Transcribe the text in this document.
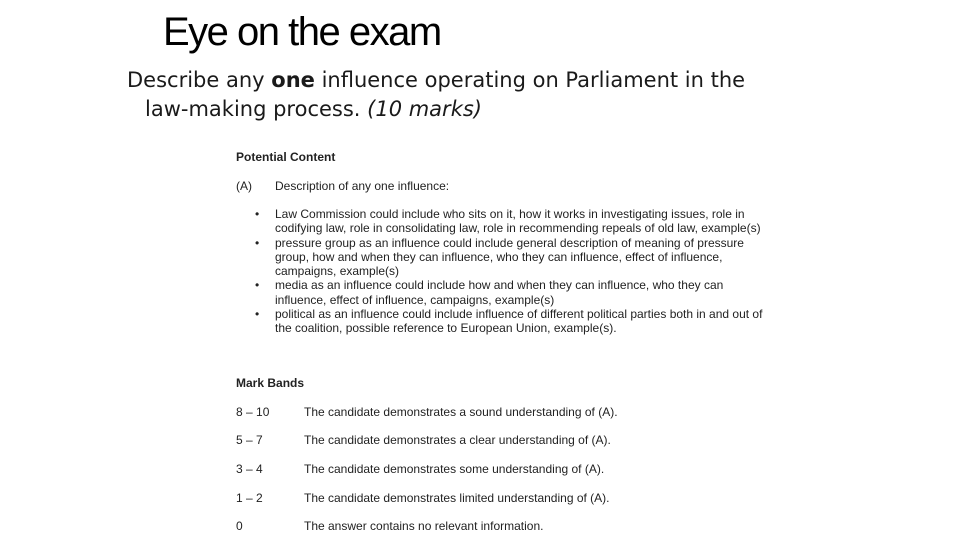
Eye on the exam
Describe any one influence operating on Parliament in the
law-making process. (10 marks)
Potential Content
(A) Description of any one influence:
• Law Commission could include who sits on it, how it works in investigating issues, role in codifying law, role in consolidating law, role in recommending repeals of old law, example(s)
• pressure group as an influence could include general description of meaning of pressure group, how and when they can influence, who they can influence, effect of influence, campaigns, example(s)
• media as an influence could include how and when they can influence, who they can influence, effect of influence, campaigns, example(s)
• political as an influence could include influence of different political parties both in and out of the coalition, possible reference to European Union, example(s).
Mark Bands
8 – 10	The candidate demonstrates a sound understanding of (A).
5 – 7	The candidate demonstrates a clear understanding of (A).
3 – 4	The candidate demonstrates some understanding of (A).
1 – 2	The candidate demonstrates limited understanding of (A).
0	The answer contains no relevant information.
